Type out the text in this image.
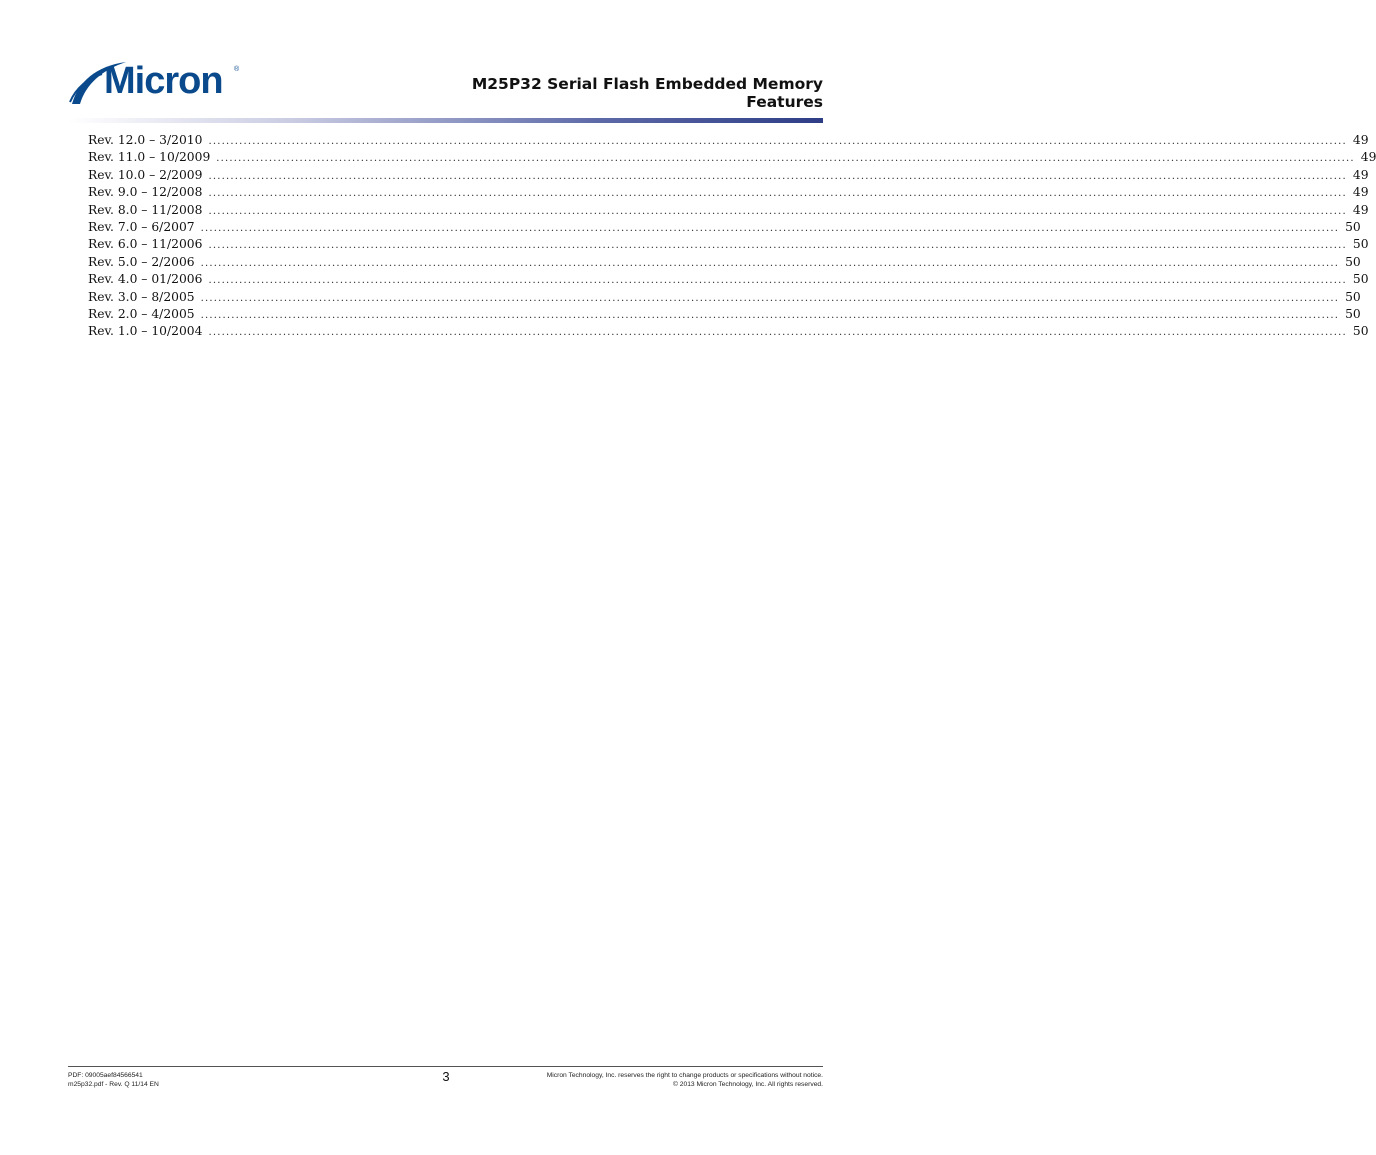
Micron ®
M25P32 Serial Flash Embedded Memory
Features
Rev. 12.0 – 3/2010 .................................................................................................................................................................................................................................................................... 49
Rev. 11.0 – 10/2009 .................................................................................................................................................................................................................................................................... 49
Rev. 10.0 – 2/2009 .................................................................................................................................................................................................................................................................... 49
Rev. 9.0 – 12/2008 .................................................................................................................................................................................................................................................................... 49
Rev. 8.0 – 11/2008 .................................................................................................................................................................................................................................................................... 49
Rev. 7.0 – 6/2007 .................................................................................................................................................................................................................................................................... 50
Rev. 6.0 – 11/2006 .................................................................................................................................................................................................................................................................... 50
Rev. 5.0 – 2/2006 .................................................................................................................................................................................................................................................................... 50
Rev. 4.0 – 01/2006 .................................................................................................................................................................................................................................................................... 50
Rev. 3.0 – 8/2005 .................................................................................................................................................................................................................................................................... 50
Rev. 2.0 – 4/2005 .................................................................................................................................................................................................................................................................... 50
Rev. 1.0 – 10/2004 .................................................................................................................................................................................................................................................................... 50
PDF: 09005aef84566541
m25p32.pdf - Rev. Q 11/14 EN	3	Micron Technology, Inc. reserves the right to change products or specifications without notice.
© 2013 Micron Technology, Inc. All rights reserved.
